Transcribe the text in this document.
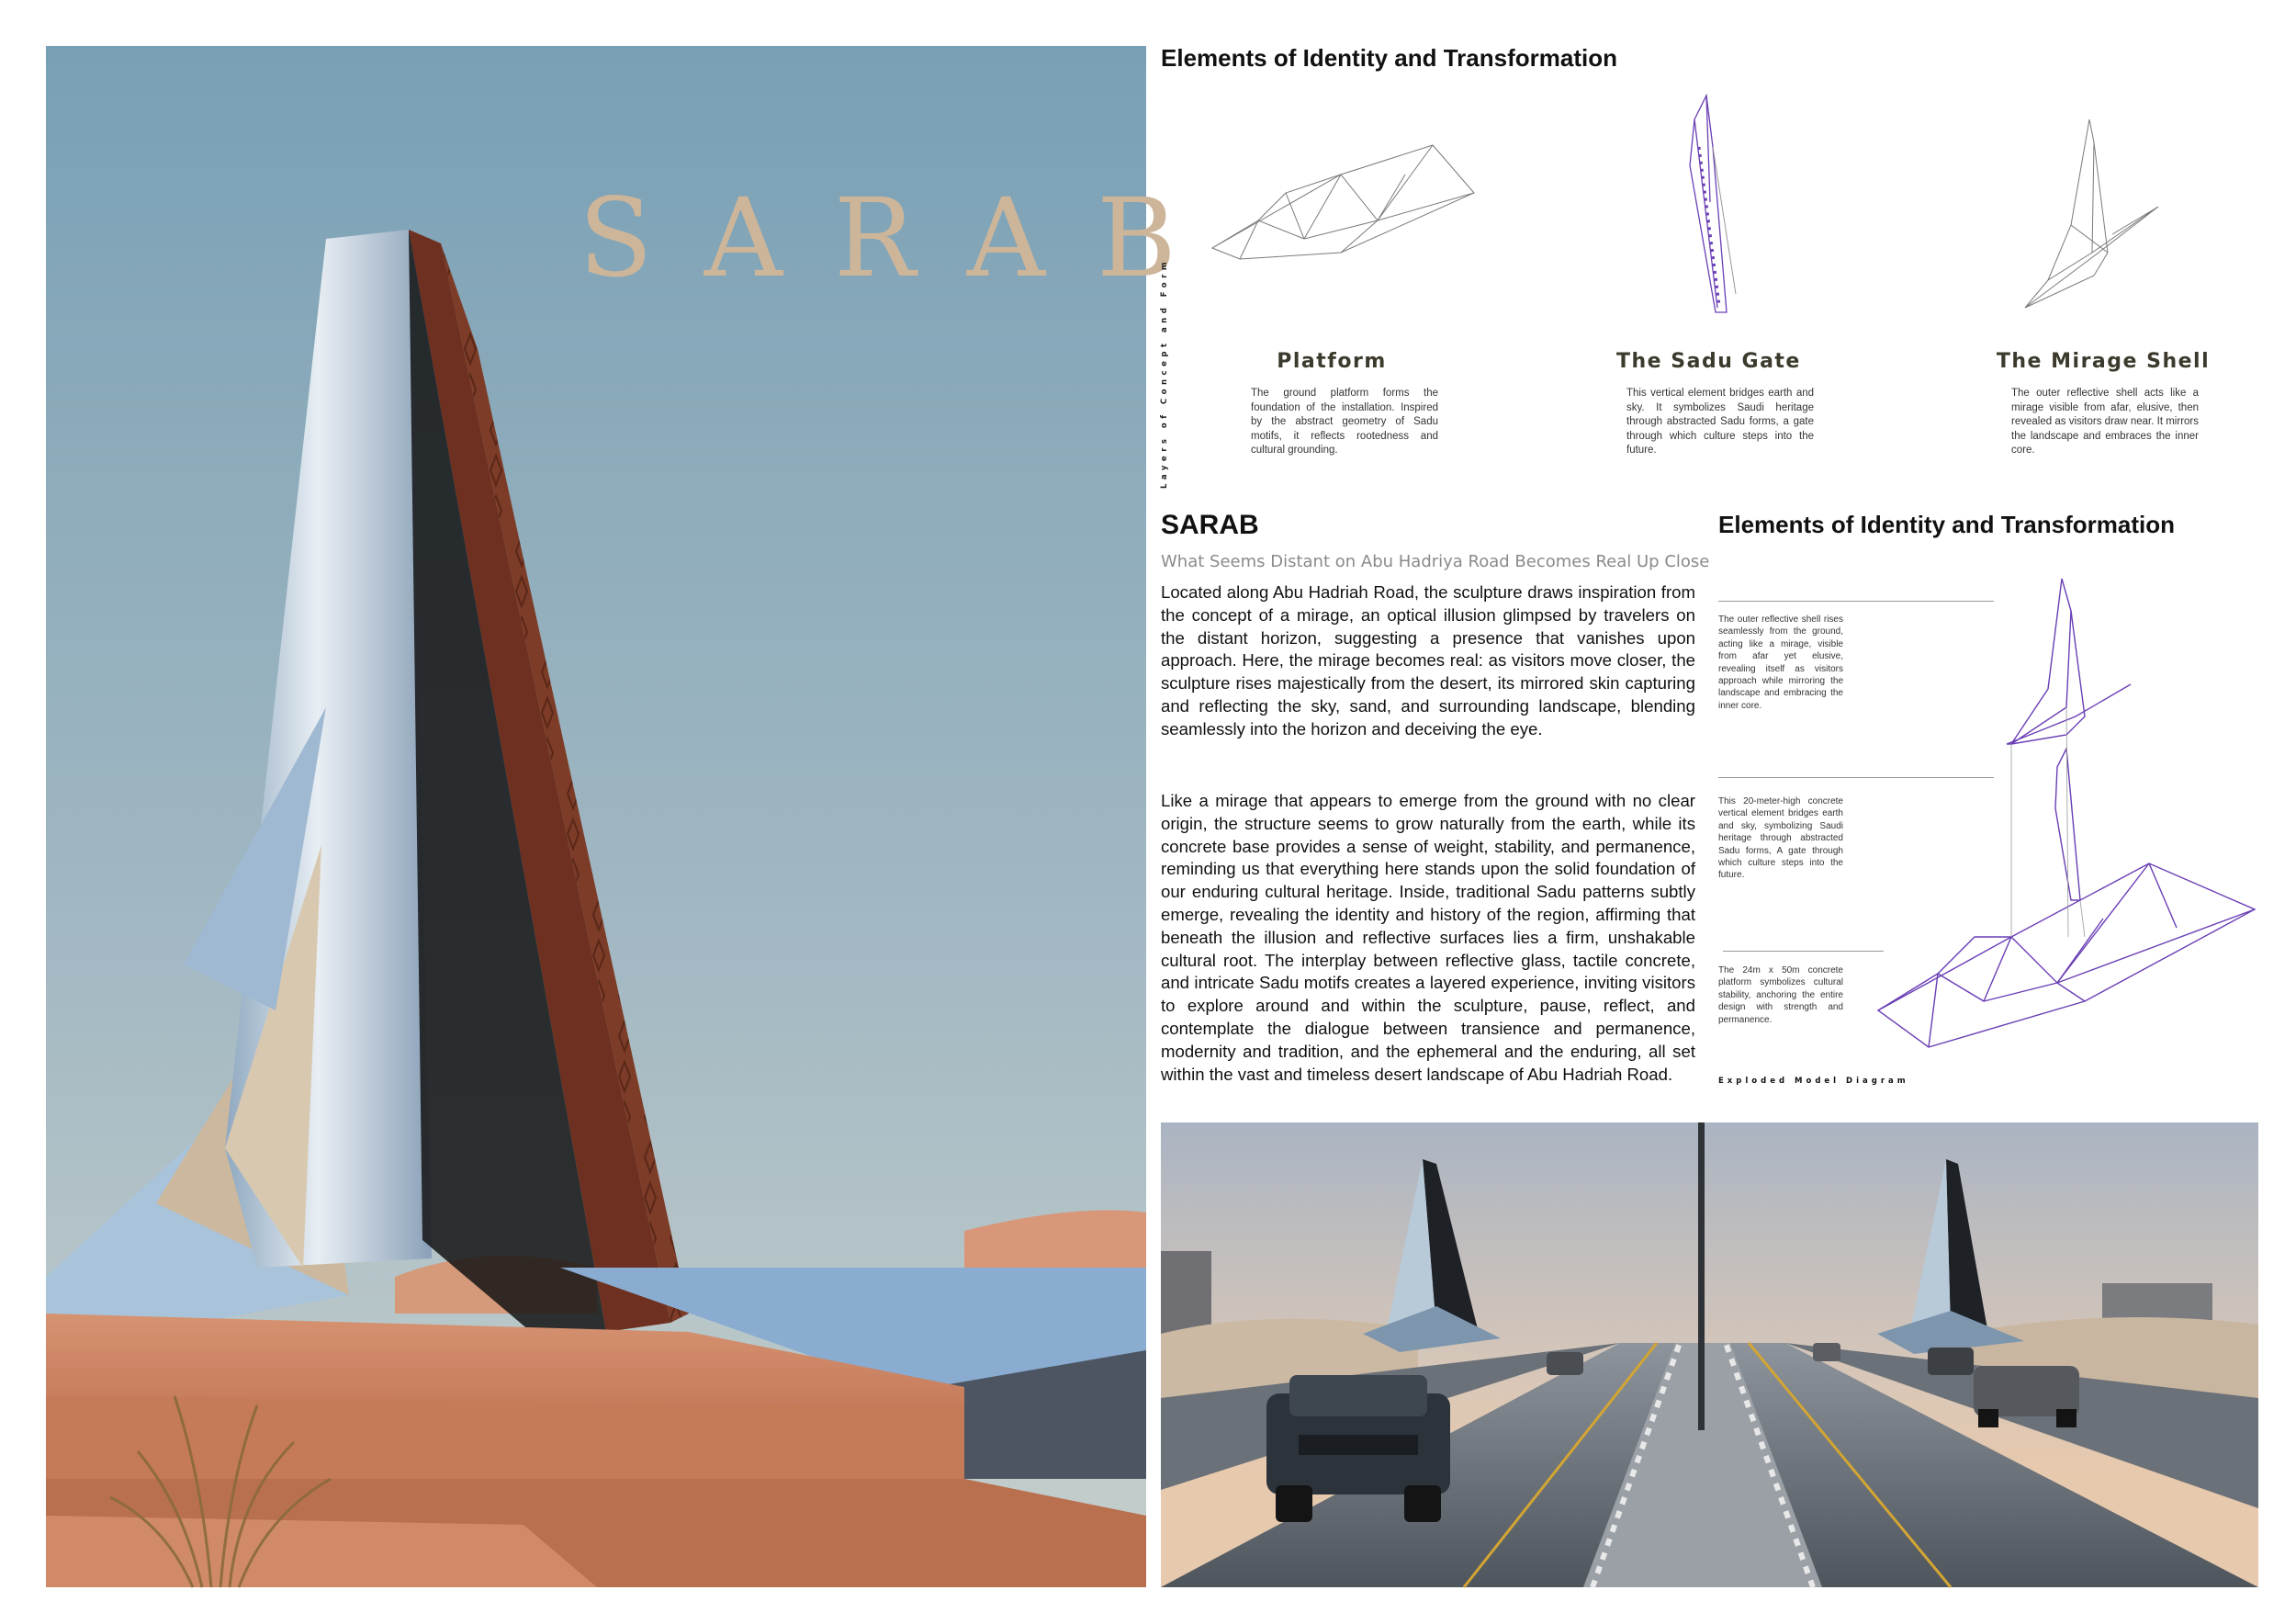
SARAB
Elements of Identity and Transformation
Layers of Concept and Form	Platform
The ground platform forms the foundation of the installation. Inspired by the abstract geometry of Sadu motifs, it reflects rootedness and cultural grounding.
The Sadu Gate
This vertical element bridges earth and sky. It symbolizes Saudi heritage through abstracted Sadu forms, a gate through which culture steps into the future.
The Mirage Shell
The outer reflective shell acts like a mirage visible from afar, elusive, then revealed as visitors draw near. It mirrors the landscape and embraces the inner core.
SARAB
What Seems Distant on Abu Hadriya Road Becomes Real Up Close
Located along Abu Hadriah Road, the sculpture draws inspiration from the concept of a mirage, an optical illusion glimpsed by travelers on the distant horizon, suggesting a presence that vanishes upon approach. Here, the mirage becomes real: as visitors move closer, the sculpture rises majestically from the desert, its mirrored skin capturing and reflecting the sky, sand, and surrounding landscape, blending seamlessly into the horizon and deceiving the eye.
Like a mirage that appears to emerge from the ground with no clear origin, the structure seems to grow naturally from the earth, while its concrete base provides a sense of weight, stability, and permanence, reminding us that everything here stands upon the solid foundation of our enduring cultural heritage. Inside, traditional Sadu patterns subtly emerge, revealing the identity and history of the region, affirming that beneath the illusion and reflective surfaces lies a firm, unshakable cultural root. The interplay between reflective glass, tactile concrete, and intricate Sadu motifs creates a layered experience, inviting visitors to explore around and within the sculpture, pause, reflect, and contemplate the dialogue between transience and permanence, modernity and tradition, and the ephemeral and the enduring, all set within the vast and timeless desert landscape of Abu Hadriah Road.
Elements of Identity and Transformation
The outer reflective shell rises seamlessly from the ground, acting like a mirage, visible from afar yet elusive, revealing itself as visitors approach while mirroring the landscape and embracing the inner core.
This 20-meter-high concrete vertical element bridges earth and sky, symbolizing Saudi heritage through abstracted Sadu forms, A gate through which culture steps into the future.
The 24m x 50m concrete platform symbolizes cultural stability, anchoring the entire design with strength and permanence.
Exploded Model Diagram
